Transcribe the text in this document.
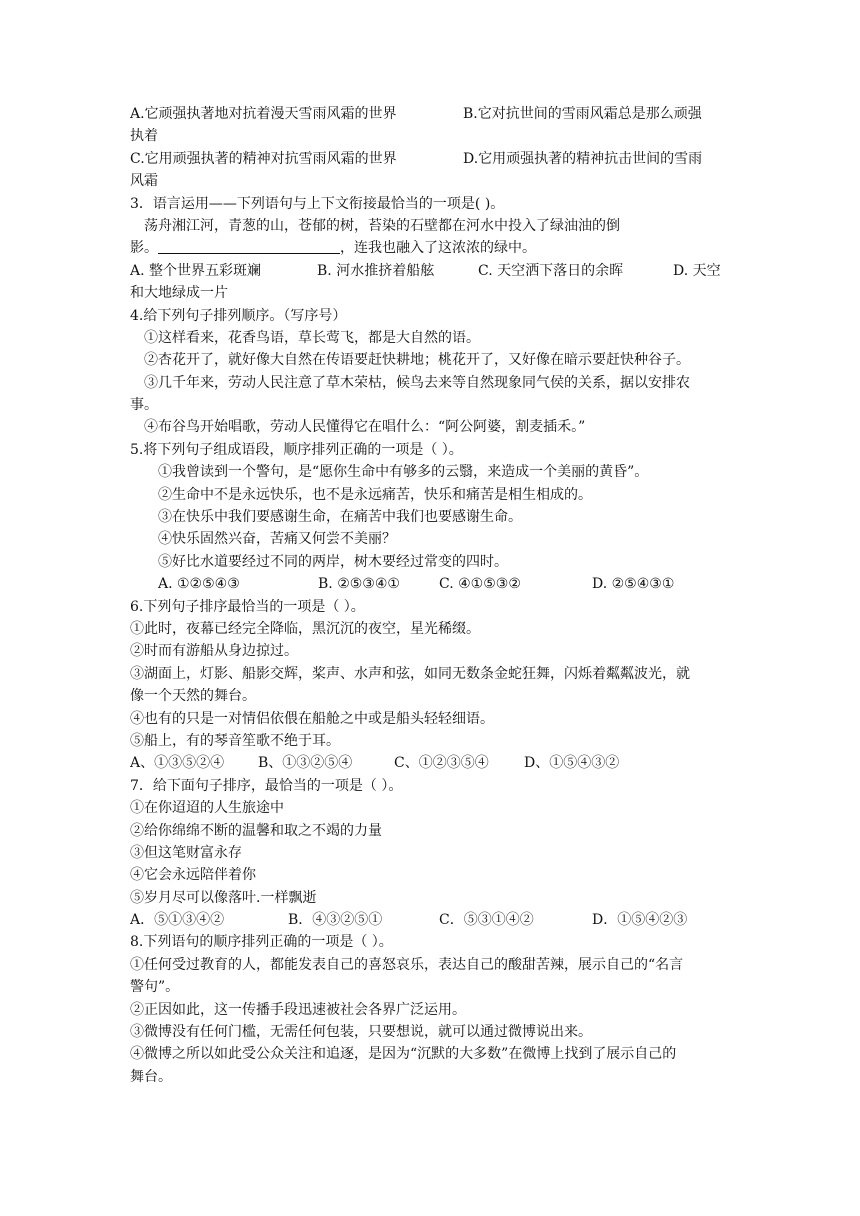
A.它顽强执著地对抗着漫天雪雨风霜的世界	B.它对抗世间的雪雨风霜总是那么顽强
执着
C.它用顽强执著的精神对抗雪雨风霜的世界	D.它用顽强执著的精神抗击世间的雪雨
风霜
3．语言运用——下列语句与上下文衔接最恰当的一项是( )。
荡舟湘江河，青葱的山，苍郁的树，苔染的石壁都在河水中投入了绿油油的倒
影。	，连我也融入了这浓浓的绿中。
A. 整个世界五彩斑斓	B. 河水推挤着船舷	C. 天空洒下落日的余晖	D. 天空
和大地绿成一片
4.给下列句子排列顺序。（写序号）
①这样看来，花香鸟语，草长莺飞，都是大自然的语。
②杏花开了，就好像大自然在传语要赶快耕地；桃花开了，又好像在暗示要赶快种谷子。
③几千年来，劳动人民注意了草木荣枯，候鸟去来等自然现象同气侯的关系，据以安排农
事。
④布谷鸟开始唱歌，劳动人民懂得它在唱什么：“阿公阿婆，割麦插禾。”
5.将下列句子组成语段，顺序排列正确的一项是（ ）。
①我曾读到一个警句，是“愿你生命中有够多的云翳，来造成一个美丽的黄昏”。
②生命中不是永远快乐，也不是永远痛苦，快乐和痛苦是相生相成的。
③在快乐中我们要感谢生命，在痛苦中我们也要感谢生命。
④快乐固然兴奋，苦痛又何尝不美丽？
⑤好比水道要经过不同的两岸，树木要经过常变的四时。
A. ①②⑤④③	B. ②⑤③④①	C. ④①⑤③②	D. ②⑤④③①
6.下列句子排序最恰当的一项是（ ）。
①此时，夜幕已经完全降临，黑沉沉的夜空，星光稀缀。
②时而有游船从身边掠过。
③湖面上，灯影、船影交辉，桨声、水声和弦，如同无数条金蛇狂舞，闪烁着粼粼波光，就
像一个天然的舞台。
④也有的只是一对情侣依偎在船舱之中或是船头轻轻细语。
⑤船上，有的琴音笙歌不绝于耳。
A、①③⑤②④ B、①③②⑤④	C、①②③⑤④	D、①⑤④③②
7．给下面句子排序，最恰当的一项是（ ）。
①在你迢迢的人生旅途中
②给你绵绵不断的温馨和取之不竭的力量
③但这笔财富永存
④它会永远陪伴着你
⑤岁月尽可以像落叶.一样飘逝
A．⑤①③④②	B．④③②⑤①	C．⑤③①④②	D．①⑤④②③
8.下列语句的顺序排列正确的一项是（ ）。
①任何受过教育的人，都能发表自己的喜怒哀乐，表达自己的酸甜苦辣，展示自己的“名言
警句”。
②正因如此，这一传播手段迅速被社会各界广泛运用。
③微博没有任何门槛，无需任何包装，只要想说，就可以通过微博说出来。
④微博之所以如此受公众关注和追逐，是因为“沉默的大多数”在微博上找到了展示自己的
舞台。
